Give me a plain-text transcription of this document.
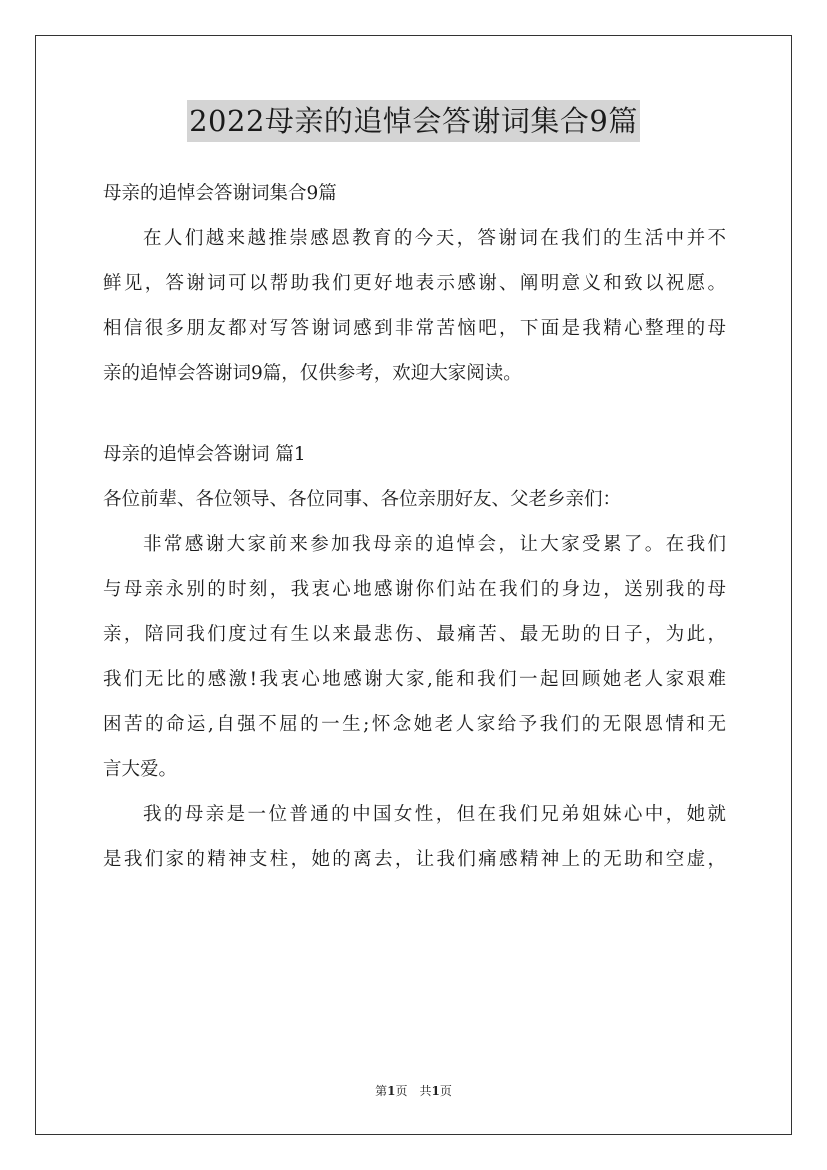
2022母亲的追悼会答谢词集合9篇
母亲的追悼会答谢词集合9篇
在人们越来越推崇感恩教育的今天，答谢词在我们的生活中并不
鲜见，答谢词可以帮助我们更好地表示感谢、阐明意义和致以祝愿。
相信很多朋友都对写答谢词感到非常苦恼吧，下面是我精心整理的母
亲的追悼会答谢词9篇，仅供参考，欢迎大家阅读。
母亲的追悼会答谢词 篇1
各位前辈、各位领导、各位同事、各位亲朋好友、父老乡亲们：
非常感谢大家前来参加我母亲的追悼会，让大家受累了。在我们
与母亲永别的时刻，我衷心地感谢你们站在我们的身边，送别我的母
亲，陪同我们度过有生以来最悲伤、最痛苦、最无助的日子，为此，
我们无比的感激!我衷心地感谢大家,能和我们一起回顾她老人家艰难
困苦的命运,自强不屈的一生;怀念她老人家给予我们的无限恩情和无
言大爱。
我的母亲是一位普通的中国女性，但在我们兄弟姐妹心中，她就
是我们家的精神支柱，她的离去，让我们痛感精神上的无助和空虚，
第1页　共1页
